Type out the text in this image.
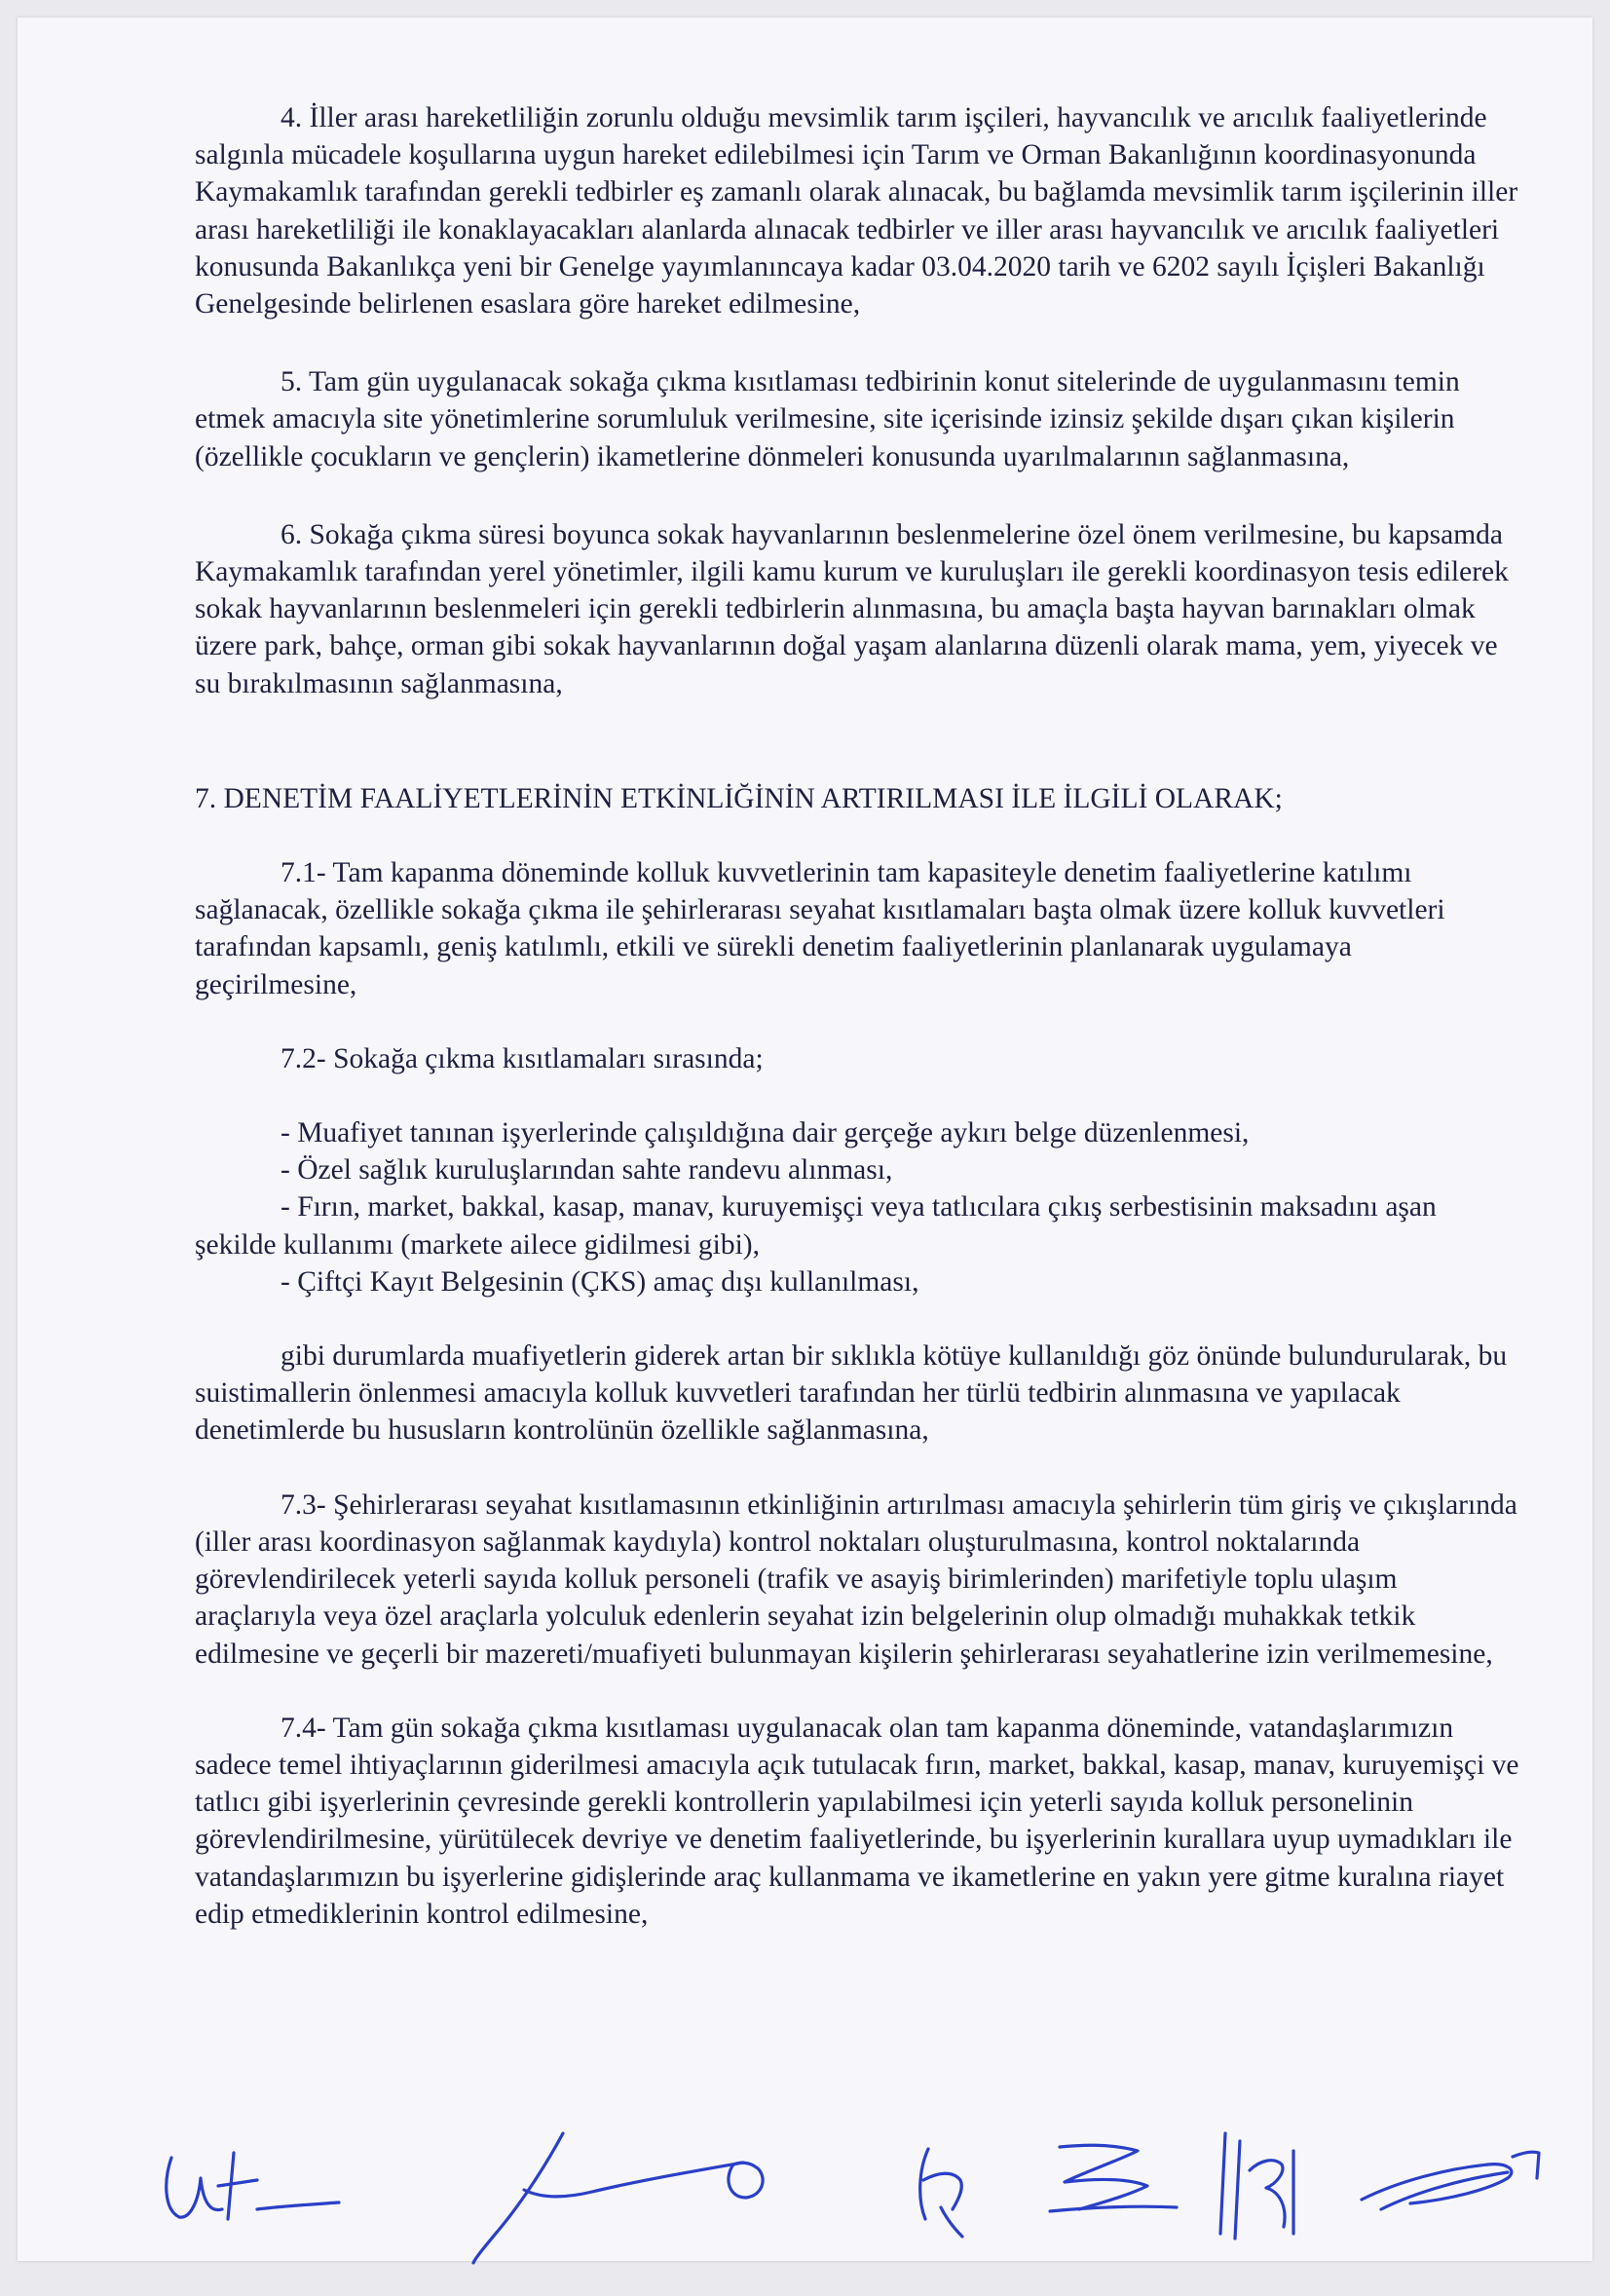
4. İller arası hareketliliğin zorunlu olduğu mevsimlik tarım işçileri, hayvancılık ve arıcılık faaliyetlerinde salgınla mücadele koşullarına uygun hareket edilebilmesi için Tarım ve Orman Bakanlığının koordinasyonunda Kaymakamlık tarafından gerekli tedbirler eş zamanlı olarak alınacak, bu bağlamda mevsimlik tarım işçilerinin iller arası hareketliliği ile konaklayacakları alanlarda alınacak tedbirler ve iller arası hayvancılık ve arıcılık faaliyetleri konusunda Bakanlıkça yeni bir Genelge yayımlanıncaya kadar 03.04.2020 tarih ve 6202 sayılı İçişleri Bakanlığı Genelgesinde belirlenen esaslara göre hareket edilmesine,

5. Tam gün uygulanacak sokağa çıkma kısıtlaması tedbirinin konut sitelerinde de uygulanmasını temin etmek amacıyla site yönetimlerine sorumluluk verilmesine, site içerisinde izinsiz şekilde dışarı çıkan kişilerin (özellikle çocukların ve gençlerin) ikametlerine dönmeleri konusunda uyarılmalarının sağlanmasına,

6. Sokağa çıkma süresi boyunca sokak hayvanlarının beslenmelerine özel önem verilmesine, bu kapsamda Kaymakamlık tarafından yerel yönetimler, ilgili kamu kurum ve kuruluşları ile gerekli koordinasyon tesis edilerek sokak hayvanlarının beslenmeleri için gerekli tedbirlerin alınmasına, bu amaçla başta hayvan barınakları olmak üzere park, bahçe, orman gibi sokak hayvanlarının doğal yaşam alanlarına düzenli olarak mama, yem, yiyecek ve su bırakılmasının sağlanmasına,

7. DENETİM FAALİYETLERİNİN ETKİNLİĞİNİN ARTIRILMASI İLE İLGİLİ OLARAK;

7.1- Tam kapanma döneminde kolluk kuvvetlerinin tam kapasiteyle denetim faaliyetlerine katılımı sağlanacak, özellikle sokağa çıkma ile şehirlerarası seyahat kısıtlamaları başta olmak üzere kolluk kuvvetleri tarafından kapsamlı, geniş katılımlı, etkili ve sürekli denetim faaliyetlerinin planlanarak uygulamaya geçirilmesine,

7.2- Sokağa çıkma kısıtlamaları sırasında;

- Muafiyet tanınan işyerlerinde çalışıldığına dair gerçeğe aykırı belge düzenlenmesi,

- Özel sağlık kuruluşlarından sahte randevu alınması,

- Fırın, market, bakkal, kasap, manav, kuruyemişçi veya tatlıcılara çıkış serbestisinin maksadını aşan şekilde kullanımı (markete ailece gidilmesi gibi),

- Çiftçi Kayıt Belgesinin (ÇKS) amaç dışı kullanılması,

gibi durumlarda muafiyetlerin giderek artan bir sıklıkla kötüye kullanıldığı göz önünde bulundurularak, bu suistimallerin önlenmesi amacıyla kolluk kuvvetleri tarafından her türlü tedbirin alınmasına ve yapılacak denetimlerde bu hususların kontrolünün özellikle sağlanmasına,

7.3- Şehirlerarası seyahat kısıtlamasının etkinliğinin artırılması amacıyla şehirlerin tüm giriş ve çıkışlarında (iller arası koordinasyon sağlanmak kaydıyla) kontrol noktaları oluşturulmasına, kontrol noktalarında görevlendirilecek yeterli sayıda kolluk personeli (trafik ve asayiş birimlerinden) marifetiyle toplu ulaşım araçlarıyla veya özel araçlarla yolculuk edenlerin seyahat izin belgelerinin olup olmadığı muhakkak tetkik edilmesine ve geçerli bir mazereti/muafiyeti bulunmayan kişilerin şehirlerarası seyahatlerine izin verilmemesine,

7.4- Tam gün sokağa çıkma kısıtlaması uygulanacak olan tam kapanma döneminde, vatandaşlarımızın sadece temel ihtiyaçlarının giderilmesi amacıyla açık tutulacak fırın, market, bakkal, kasap, manav, kuruyemişçi ve tatlıcı gibi işyerlerinin çevresinde gerekli kontrollerin yapılabilmesi için yeterli sayıda kolluk personelinin görevlendirilmesine, yürütülecek devriye ve denetim faaliyetlerinde, bu işyerlerinin kurallara uyup uymadıkları ile vatandaşlarımızın bu işyerlerine gidişlerinde araç kullanmama ve ikametlerine en yakın yere gitme kuralına riayet edip etmediklerinin kontrol edilmesine,
